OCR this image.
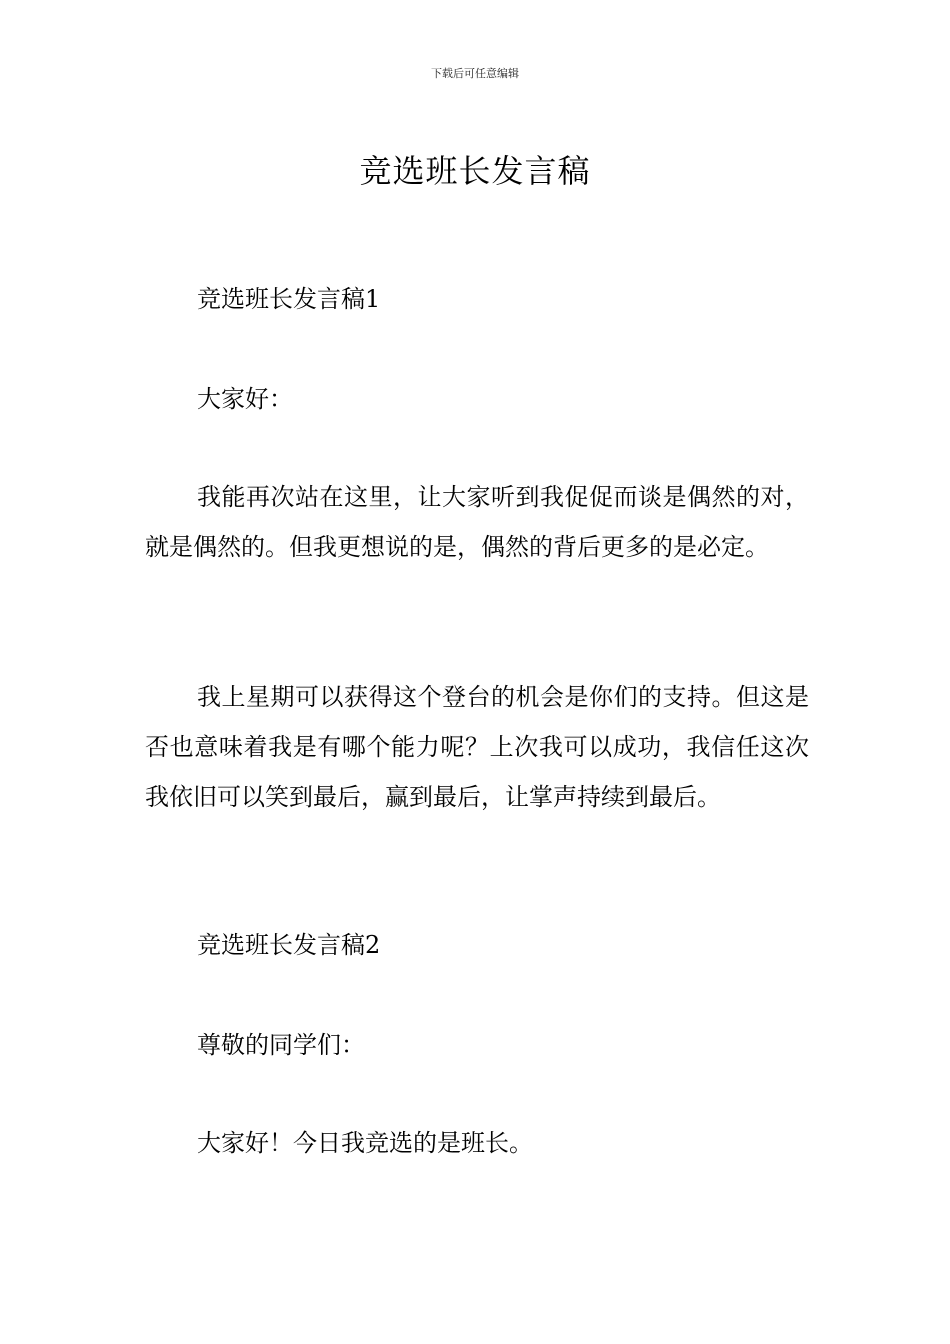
下载后可任意编辑
竞选班长发言稿

竞选班长发言稿1

大家好：

我能再次站在这里，让大家听到我促促而谈是偶然的对，就是偶然的。但我更想说的是，偶然的背后更多的是必定。

我上星期可以获得这个登台的机会是你们的支持。但这是否也意味着我是有哪个能力呢？上次我可以成功，我信任这次我依旧可以笑到最后，赢到最后，让掌声持续到最后。

竞选班长发言稿2

尊敬的同学们：

大家好！今日我竞选的是班长。
